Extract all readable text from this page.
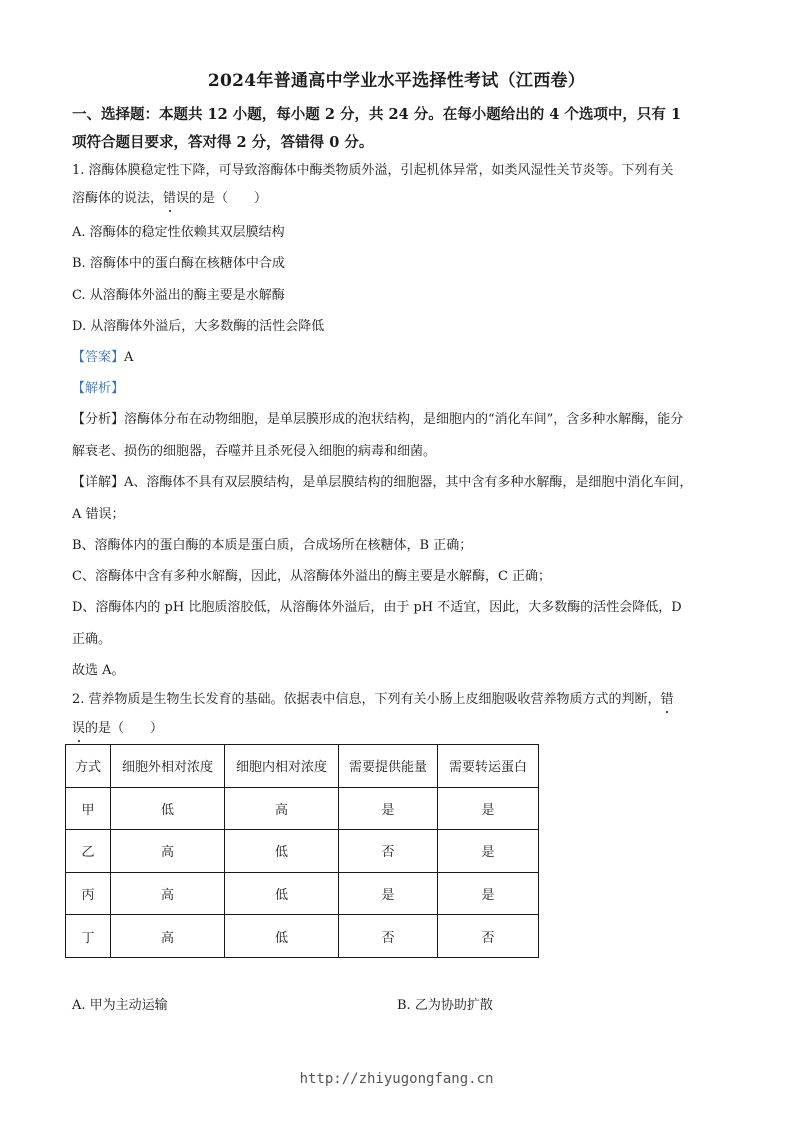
2024年普通高中学业水平选择性考试（江西卷）
一、选择题：本题共 12 小题，每小题 2 分，共 24 分。在每小题给出的 4 个选项中，只有 1
项符合题目要求，答对得 2 分，答错得 0 分。
1. 溶酶体膜稳定性下降，可导致溶酶体中酶类物质外溢，引起机体异常，如类风湿性关节炎等。下列有关
溶酶体的说法，错误的是（　　）
A. 溶酶体的稳定性依赖其双层膜结构
B. 溶酶体中的蛋白酶在核糖体中合成
C. 从溶酶体外溢出的酶主要是水解酶
D. 从溶酶体外溢后，大多数酶的活性会降低
【答案】A
【解析】
【分析】溶酶体分布在动物细胞，是单层膜形成的泡状结构，是细胞内的“消化车间”，含多种水解酶，能分
解衰老、损伤的细胞器，吞噬并且杀死侵入细胞的病毒和细菌。
【详解】A、溶酶体不具有双层膜结构，是单层膜结构的细胞器，其中含有多种水解酶，是细胞中消化车间，
A 错误；
B、溶酶体内的蛋白酶的本质是蛋白质，合成场所在核糖体，B 正确；
C、溶酶体中含有多种水解酶，因此，从溶酶体外溢出的酶主要是水解酶，C 正确；
D、溶酶体内的 pH 比胞质溶胶低，从溶酶体外溢后，由于 pH 不适宜，因此，大多数酶的活性会降低，D
正确。
故选 A。
2. 营养物质是生物生长发育的基础。依据表中信息，下列有关小肠上皮细胞吸收营养物质方式的判断，错
误的是（　　）
方式	细胞外相对浓度	细胞内相对浓度	需要提供能量	需要转运蛋白
甲	低	高	是	是
乙	高	低	否	是
丙	高	低	是	是
丁	高	低	否	否
A. 甲为主动运输	B. 乙为协助扩散
http://zhiyugongfang.cn
